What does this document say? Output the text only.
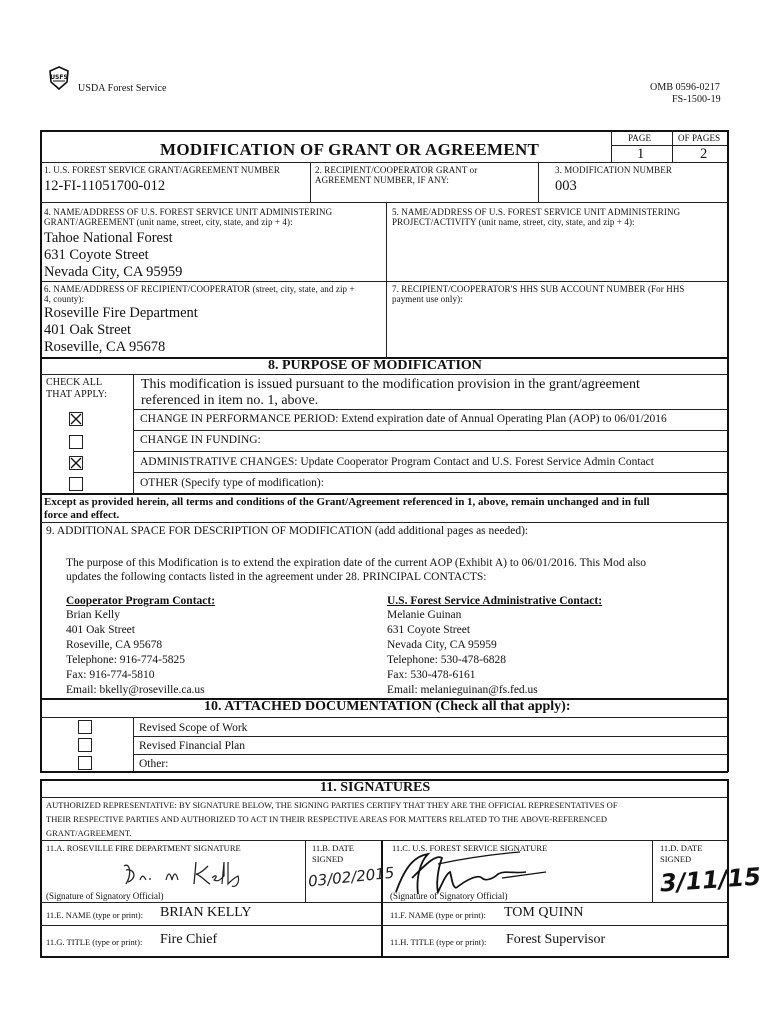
USFS
USDA Forest Service	OMB 0596-0217
FS-1500-19
MODIFICATION OF GRANT OR AGREEMENT
PAGE	OF PAGES
1	2
1. U.S. FOREST SERVICE GRANT/AGREEMENT NUMBER
12-FI-11051700-012
2. RECIPIENT/COOPERATOR GRANT or
AGREEMENT NUMBER, IF ANY:
3. MODIFICATION NUMBER
003
4. NAME/ADDRESS OF U.S. FOREST SERVICE UNIT ADMINISTERING
GRANT/AGREEMENT (unit name, street, city, state, and zip + 4):
Tahoe National Forest
631 Coyote Street
Nevada City, CA 95959
5. NAME/ADDRESS OF U.S. FOREST SERVICE UNIT ADMINISTERING
PROJECT/ACTIVITY (unit name, street, city, state, and zip + 4):
6. NAME/ADDRESS OF RECIPIENT/COOPERATOR (street, city, state, and zip +
4, county):
Roseville Fire Department
401 Oak Street
Roseville, CA 95678
7. RECIPIENT/COOPERATOR'S HHS SUB ACCOUNT NUMBER (For HHS
payment use only):
8. PURPOSE OF MODIFICATION
CHECK ALL
THAT APPLY:
This modification is issued pursuant to the modification provision in the grant/agreement
referenced in item no. 1, above.
CHANGE IN PERFORMANCE PERIOD: Extend expiration date of Annual Operating Plan (AOP) to 06/01/2016
CHANGE IN FUNDING:
ADMINISTRATIVE CHANGES: Update Cooperator Program Contact and U.S. Forest Service Admin Contact
OTHER (Specify type of modification):
Except as provided herein, all terms and conditions of the Grant/Agreement referenced in 1, above, remain unchanged and in full
force and effect.
9. ADDITIONAL SPACE FOR DESCRIPTION OF MODIFICATION (add additional pages as needed):
The purpose of this Modification is to extend the expiration date of the current AOP (Exhibit A) to 06/01/2016. This Mod also
updates the following contacts listed in the agreement under 28. PRINCIPAL CONTACTS:
Cooperator Program Contact:
Brian Kelly
401 Oak Street
Roseville, CA 95678
Telephone: 916-774-5825
Fax: 916-774-5810
Email: bkelly@roseville.ca.us
U.S. Forest Service Administrative Contact:
Melanie Guinan
631 Coyote Street
Nevada City, CA 95959
Telephone: 530-478-6828
Fax: 530-478-6161
Email: melanieguinan@fs.fed.us
10. ATTACHED DOCUMENTATION (Check all that apply):
Revised Scope of Work
Revised Financial Plan
Other:
11. SIGNATURES
AUTHORIZED REPRESENTATIVE: BY SIGNATURE BELOW, THE SIGNING PARTIES CERTIFY THAT THEY ARE THE OFFICIAL REPRESENTATIVES OF
THEIR RESPECTIVE PARTIES AND AUTHORIZED TO ACT IN THEIR RESPECTIVE AREAS FOR MATTERS RELATED TO THE ABOVE-REFERENCED
GRANT/AGREEMENT.
11.A. ROSEVILLE FIRE DEPARTMENT SIGNATURE	11.B. DATE
SIGNED
11.C. U.S. FOREST SERVICE SIGNATURE	11.D. DATE
SIGNED
03/02/2015	3/11/15
(Signature of Signatory Official)	(Signature of Signatory Official)
11.E. NAME (type or print): BRIAN KELLY	11.F. NAME (type or print): TOM QUINN
11.G. TITLE (type or print): Fire Chief	11.H. TITLE (type or print): Forest Supervisor
